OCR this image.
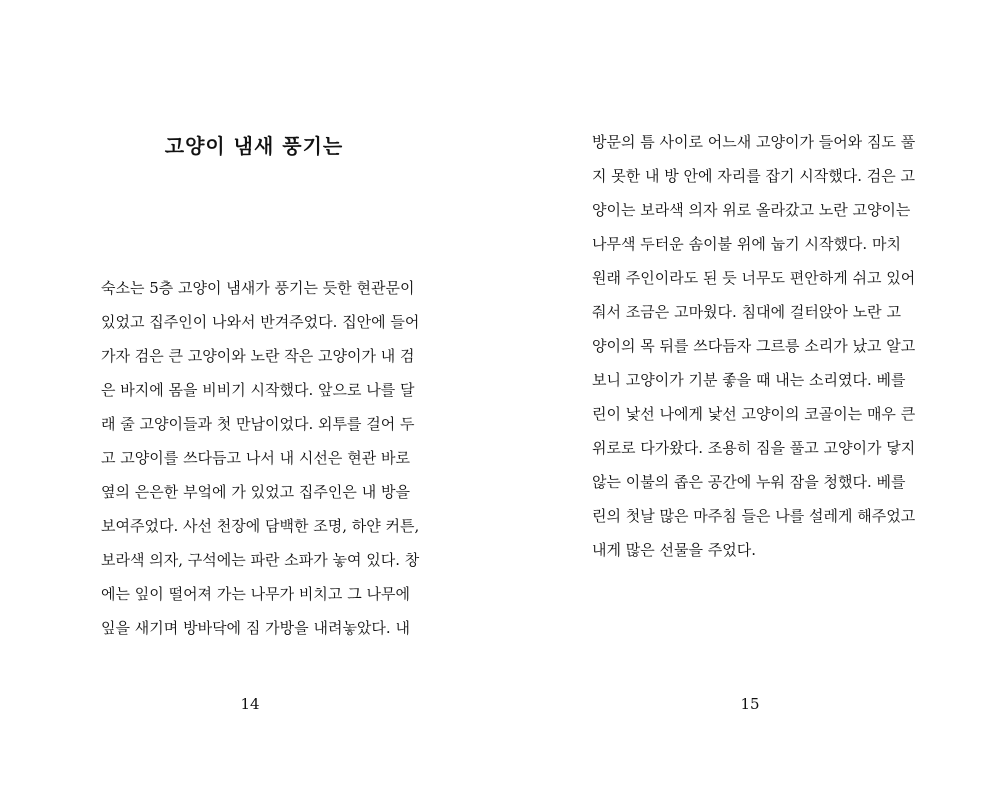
고양이 냄새 풍기는
숙소는 5층 고양이 냄새가 풍기는 듯한 현관문이
있었고 집주인이 나와서 반겨주었다. 집안에 들어
가자 검은 큰 고양이와 노란 작은 고양이가 내 검
은 바지에 몸을 비비기 시작했다. 앞으로 나를 달
래 줄 고양이들과 첫 만남이었다. 외투를 걸어 두
고 고양이를 쓰다듬고 나서 내 시선은 현관 바로
옆의 은은한 부엌에 가 있었고 집주인은 내 방을
보여주었다. 사선 천장에 담백한 조명, 하얀 커튼,
보라색 의자, 구석에는 파란 소파가 놓여 있다. 창
에는 잎이 떨어져 가는 나무가 비치고 그 나무에
잎을 새기며 방바닥에 짐 가방을 내려놓았다. 내
14
방문의 틈 사이로 어느새 고양이가 들어와 짐도 풀
지 못한 내 방 안에 자리를 잡기 시작했다. 검은 고
양이는 보라색 의자 위로 올라갔고 노란 고양이는
나무색 두터운 솜이불 위에 눕기 시작했다. 마치
원래 주인이라도 된 듯 너무도 편안하게 쉬고 있어
줘서 조금은 고마웠다. 침대에 걸터앉아 노란 고
양이의 목 뒤를 쓰다듬자 그르릉 소리가 났고 알고
보니 고양이가 기분 좋을 때 내는 소리였다. 베를
린이 낯선 나에게 낯선 고양이의 코골이는 매우 큰
위로로 다가왔다. 조용히 짐을 풀고 고양이가 닿지
않는 이불의 좁은 공간에 누워 잠을 청했다. 베를
린의 첫날 많은 마주침 들은 나를 설레게 해주었고
내게 많은 선물을 주었다.
15
